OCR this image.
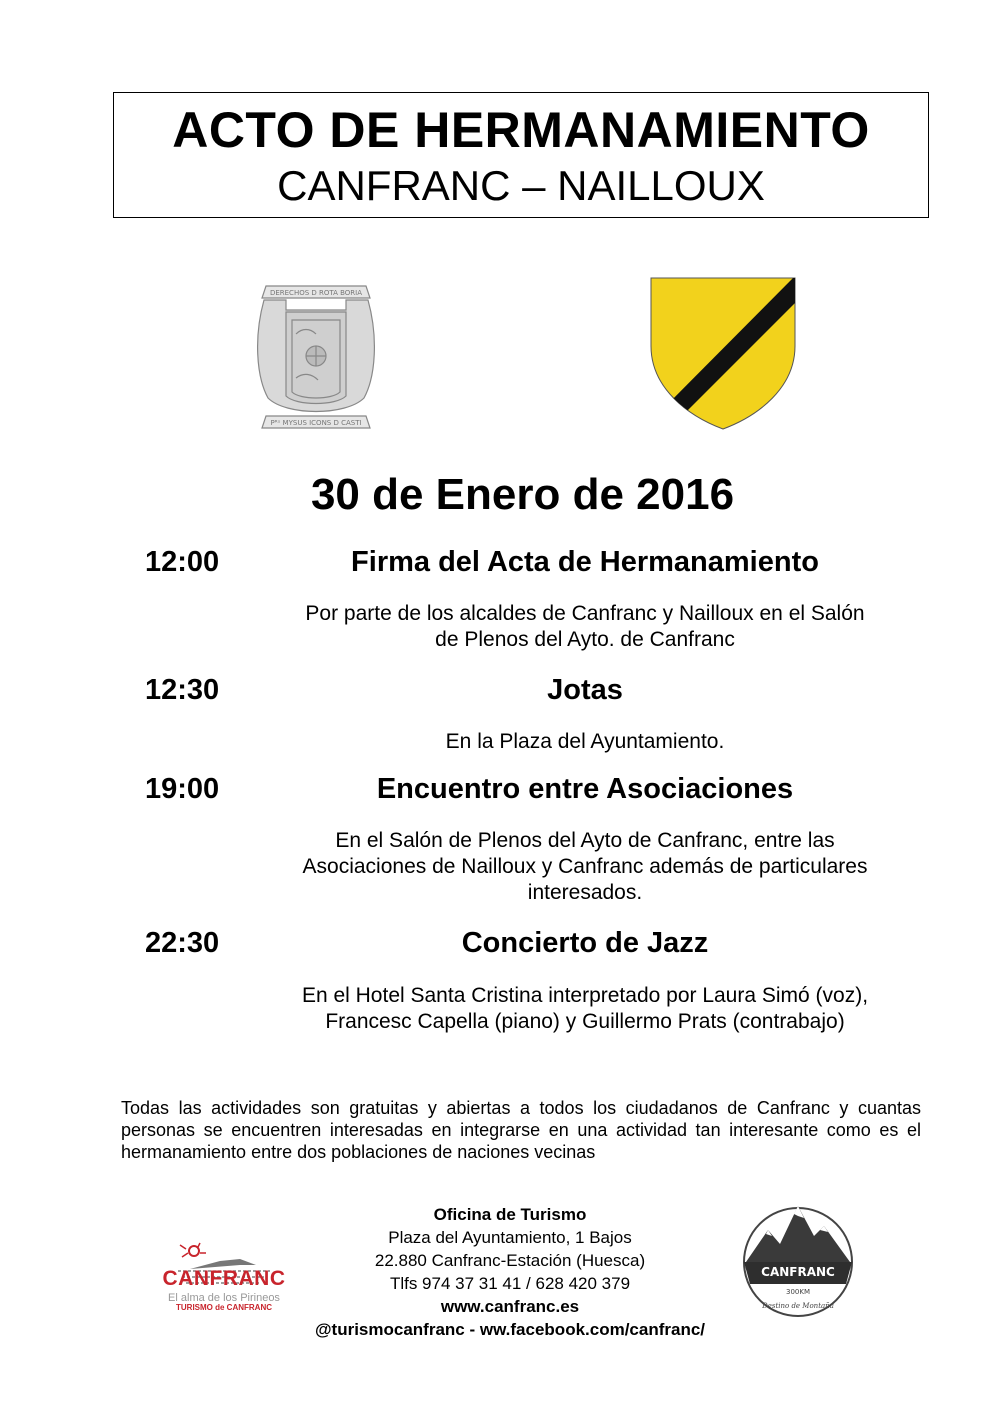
ACTO DE HERMANAMIENTO
CANFRANC – NAILLOUX
DERECHOS D ROTA BORIA
Pᴿˢ MYSUS ICONS D CASTI
30 de Enero de 2016
12:00	Firma del Acta de Hermanamiento
Por parte de los alcaldes de Canfranc y Nailloux en el Salón
de Plenos del Ayto. de Canfranc
12:30	Jotas
En la Plaza del Ayuntamiento.
19:00	Encuentro entre Asociaciones
En el Salón de Plenos del Ayto de Canfranc, entre las
Asociaciones de Nailloux y Canfranc además de particulares
interesados.
22:30	Concierto de Jazz
En el Hotel Santa Cristina interpretado por Laura Simó (voz),
Francesc Capella (piano) y Guillermo Prats (contrabajo)
Todas las actividades son gratuitas y abiertas a todos los ciudadanos de Canfranc y cuantas personas se encuentren interesadas en integrarse en una actividad tan interesante como es el hermanamiento entre dos poblaciones de naciones vecinas
CANFRANC
El alma de los Pirineos
TURISMO de CANFRANC
Oficina de Turismo
Plaza del Ayuntamiento, 1 Bajos
22.880 Canfranc-Estación (Huesca)
Tlfs 974 37 31 41 / 628 420 379
www.canfranc.es
@turismocanfranc - ww.facebook.com/canfranc/
CANFRANC
300KM
Destino de Montaña
